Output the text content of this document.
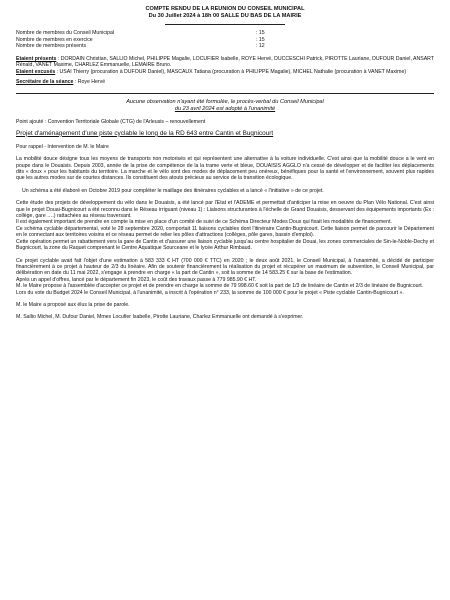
COMPTE RENDU DE LA REUNION DU CONSEIL MUNICIPAL
Du 30 Juillet 2024 à 18h 00 SALLE DU BAS DE LA MAIRIE
Nombre de membres du Conseil Municipal	: 15
Nombre de membres en exercice	: 15
Nombre de membres présents	: 12

Etaient présents : DORDAIN Christian, SALLIO Michel, PHILIPPE Magalie, LOCUFIER Isabelle, ROYE Hervé, DUCCESCHI Patrick, PIROTTE Lauriane, DUFOUR Daniel, ANSART Rénald, VANET Maxime, CHARLEZ Emmanuelle, LEMAIRE Bruno.

Etaient excusés : USAI Thierry (procuration à DUFOUR Daniel), MASCAUX Tatiana (procuration à PHILIPPE Magalie), MICHEL Nathalie (procuration à VANET Maxime)

Secrétaire de la séance : Roye Hervé

Aucune observation n'ayant été formulée, le procès-verbal du Conseil Municipal
du 23 avril 2024 est adopté à l'unanimité

Point ajouté : Convention Territoriale Globale (CTG) de l'Arleusis – renouvellement

Projet d'aménagement d'une piste cyclable le long de la RD 643 entre Cantin et Bugnicourt

Pour rappel - Intervention de M. le Maire

La mobilité douce désigne tous les moyens de transports non motorisés et qui représentent une alternative à la voiture individuelle. C'est ainsi que la mobilité douce a le vent en poupe dans le Douaisis. Depuis 2003, année de la prise de compétence de la la trame verte et bleue, DOUAISIS AGGLO n'a cessé de développer et de faciliter les déplacements dits « doux » pour les habitants du territoire. La marche et le vélo sont des modes de déplacement peu onéreux, bénéfiques pour la santé et l'environnement, souvent plus rapides que les autres modes sur de courtes distances. Ils constituent des atouts précieux au service de la transition écologique.

Un schéma a été élaboré en Octobre 2019 pour compléter le maillage des itinéraires cyclables et a lancé « l'initiative » de ce projet.

Cette étude des projets de développement du vélo dans le Douaisis, a été lancé par l'Etat et l'ADEME et permettait d'anticiper la mise en oeuvre du Plan Vélo National. C'est ainsi que le projet Douai-Bugnicourt a été reconnu dans le Réseau irriguant (niveau 1) : Liaisons structurantes à l'échelle de Grand Douaisis, desservant des équipements importants (Ex : collège, gare ….) rattachées au réseau traversant.

Il est également important de prendre en compte la mise en place d'un comité de suivi de ce Schéma Directeur Modes Doux qui fixait les modalités de financement.

Ce schéma cyclable départemental, voté le 28 septembre 2020, comportait 11 liaisons cyclables dont l'itinéraire Cantin-Bugnicourt. Cette liaison permet de parcourir le Département en le connectant aux territoires voisins et ce réseau permet de relier les pôles d'attractions (collèges, pôle gares, bassin d'emploi).

Cette opération permet un rabattement vers la gare de Cantin et d'assurer une liaison cyclable jusqu'au centre hospitalier de Douai, les zones commerciales de Sin-le-Noble-Dechy et Bugnicourt, la zone du Raquet comprenant le Centre Aquatique Sourceane et le lycée Arthur Rimbaud.

Ce projet cyclable avait fait l'objet d'une estimation à 583 333 € HT (700 000 € TTC) en 2020 ; le deux août 2021, le Conseil Municipal, à l'unanimité, a décidé de participer financièrement à ce projet à hauteur de 2/3 du linéaire. Afin de soutenir financièrement la réalisation du projet et récupérer un maximum de subvention, le Conseil Municipal, par délibération en date du 11 mai 2022, s'engage à prendre en charge « la part de Cantin », soit la somme de 14 583.25 € sur la base de l'estimation.

Après un appel d'offres, lancé par le département fin 2023, le coût des travaux passe à 779 985.90 € HT.

M. le Maire propose à l'assemblée d'accepter ce projet et de prendre en charge la somme de 79 998.60 € soit la part de 1/3 de linéaire de Cantin et 2/3 de linéaire de Bugnicourt.

Lors du vote du Budget 2024 le Conseil Municipal, à l'unanimité, a inscrit à l'opération n° 233, la somme de 100 000 € pour le projet « Piste cyclable Cantin-Bugnicourt ».

M. le Maire a proposé aux élus la prise de parole.

M. Sallio Michel, M. Dufour Daniel, Mmes Locufier Isabelle, Pirotte Lauriane, Charlez Emmanuelle ont demandé à s'exprimer.
